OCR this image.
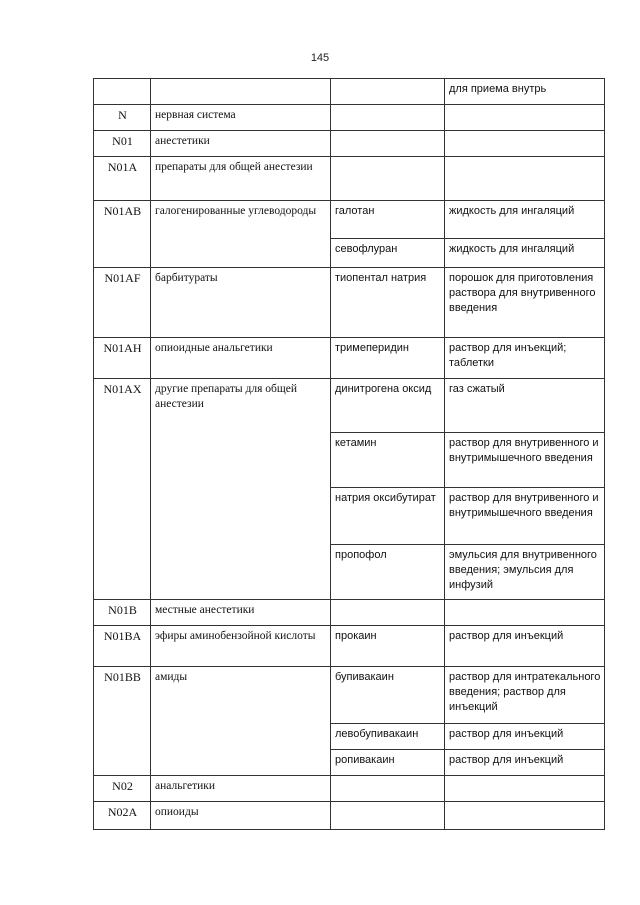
145
			для приема внутрь
N	нервная система		
N01	анестетики		
N01A	препараты для общей анестезии		
N01AB	галогенированные углеводороды	галотан	жидкость для ингаляций
		севофлуран	жидкость для ингаляций
N01AF	барбитураты	тиопентал натрия	порошок для приготовления раствора для внутривенного введения
N01AH	опиоидные анальгетики	тримеперидин	раствор для инъекций; таблетки
N01AX	другие препараты для общей анестезии	динитрогена оксид	газ сжатый
		кетамин	раствор для внутривенного и внутримышечного введения
		натрия оксибутират	раствор для внутривенного и внутримышечного введения
		пропофол	эмульсия для внутривенного введения; эмульсия для инфузий
N01B	местные анестетики		
N01BA	эфиры аминобензойной кислоты	прокаин	раствор для инъекций
N01BB	амиды	бупивакаин	раствор для интратекального введения; раствор для инъекций
		левобупивакаин	раствор для инъекций
		ропивакаин	раствор для инъекций
N02	анальгетики		
N02A	опиоиды		
